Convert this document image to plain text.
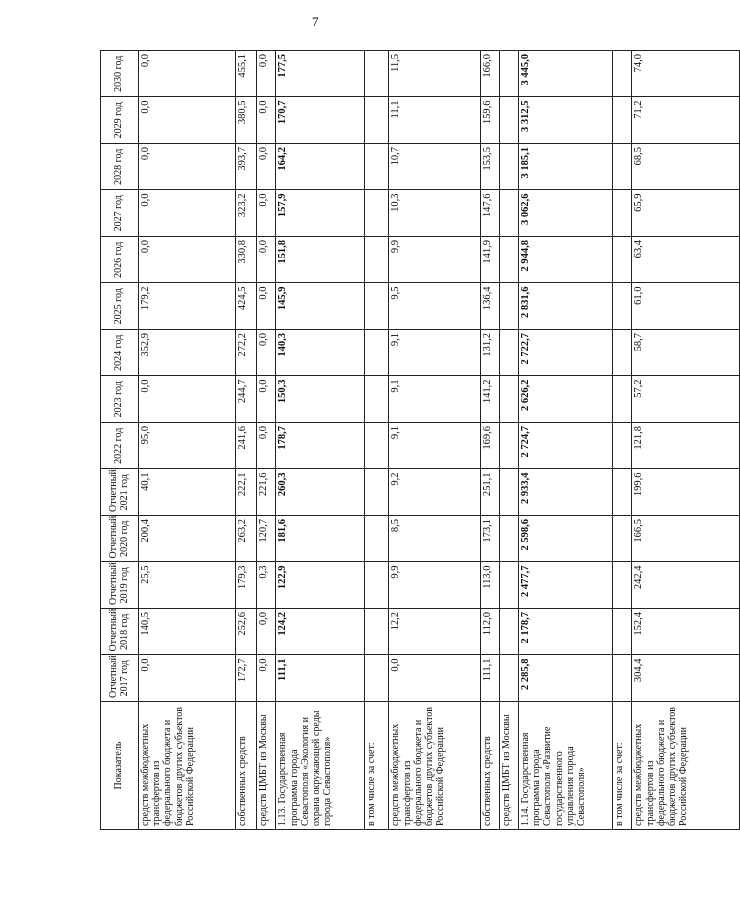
7
Показатель	Отчетный 2017 год	Отчетный 2018 год	Отчетный 2019 год	Отчетный 2020 год	Отчетный 2021 год	2022 год	2023 год	2024 год	2025 год	2026 год	2027 год	2028 год	2029 год	2030 год
средств межбюджетных трансфертов из федерального бюджета и бюджетов других субъектов Российской Федерации	0,0	140,5	25,5	200,4	40,1	95,0	0,0	352,9	179,2	0,0	0,0	0,0	0,0	0,0
собственных средств	172,7	252,6	179,3	263,2	222,1	241,6	244,7	272,2	424,5	330,8	323,2	393,7	380,5	455,1
средств ЦМБТ из Москвы	0,0	0,0	0,3	120,7	221,6	0,0	0,0	0,0	0,0	0,0	0,0	0,0	0,0	0,0
1.13. Государственная программа города Севастополя «Экология и охрана окружающей среды города Севастополя»	111,1	124,2	122,9	181,6	260,3	178,7	150,3	140,3	145,9	151,8	157,9	164,2	170,7	177,5
в том числе за счет:														
средств межбюджетных трансфертов из федерального бюджета и бюджетов других субъектов Российской Федерации	0,0	12,2	9,9	8,5	9,2	9,1	9,1	9,1	9,5	9,9	10,3	10,7	11,1	11,5
собственных средств	111,1	112,0	113,0	173,1	251,1	169,6	141,2	131,2	136,4	141,9	147,6	153,5	159,6	166,0
средств ЦМБТ из Москвы														
1.14. Государственная программа города Севастополя «Развитие государственного управления города Севастополя»	2 285,8	2 178,7	2 477,7	2 598,6	2 933,4	2 724,7	2 626,2	2 722,7	2 831,6	2 944,8	3 062,6	3 185,1	3 312,5	3 445,0
в том числе за счет:														
средств межбюджетных трансфертов из федерального бюджета и бюджетов других субъектов Российской Федерации	304,4	152,4	242,4	166,5	199,6	121,8	57,2	58,7	61,0	63,4	65,9	68,5	71,2	74,0
